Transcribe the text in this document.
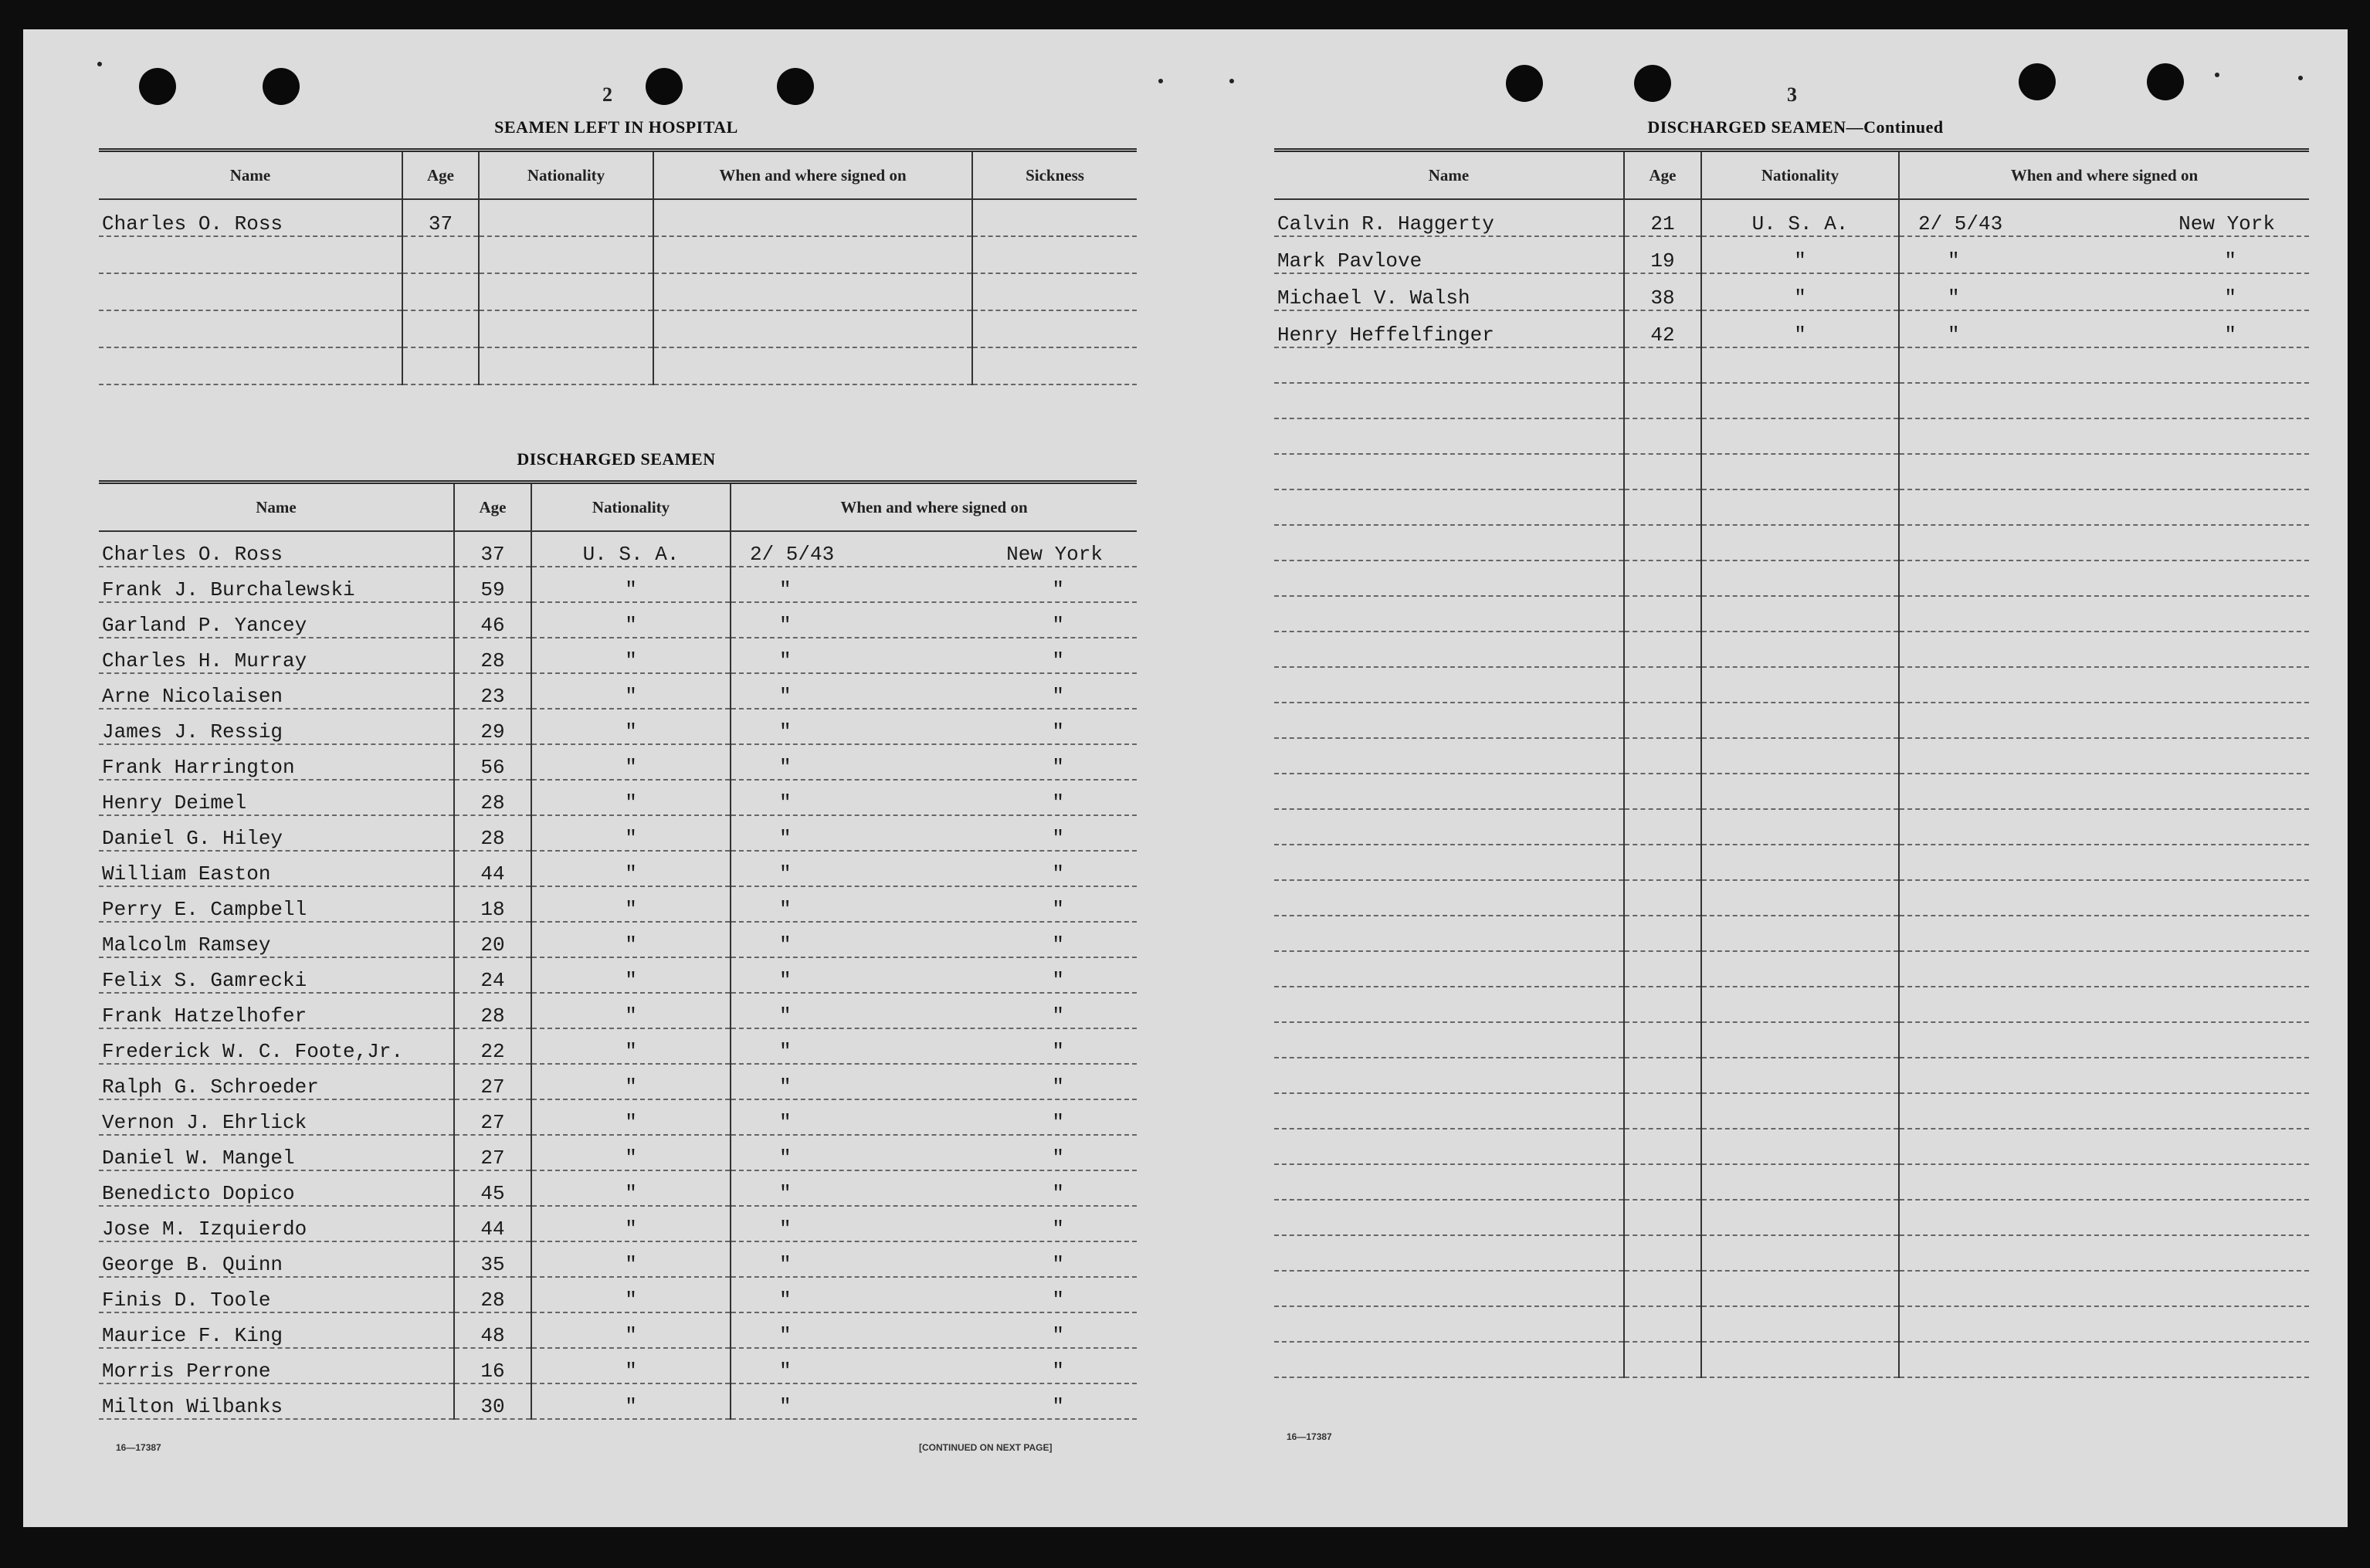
2
SEAMEN LEFT IN HOSPITAL
Name	Age	Nationality	When and where signed on	Sickness
Charles O. Ross	37			

DISCHARGED SEAMEN
Name	Age	Nationality	When and where signed on
Charles O. Ross	37	U. S. A.	2/ 5/43 New York

Frank J. Burchalewski	59	"	" "

Garland P. Yancey	46	"	" "

Charles H. Murray	28	"	" "

Arne Nicolaisen	23	"	" "

James J. Ressig	29	"	" "

Frank Harrington	56	"	" "

Henry Deimel	28	"	" "

Daniel G. Hiley	28	"	" "

William Easton	44	"	" "

Perry E. Campbell	18	"	" "

Malcolm Ramsey	20	"	" "

Felix S. Gamrecki	24	"	" "

Frank Hatzelhofer	28	"	" "

Frederick W. C. Foote,Jr.	22	"	" "

Ralph G. Schroeder	27	"	" "

Vernon J. Ehrlick	27	"	" "

Daniel W. Mangel	27	"	" "

Benedicto Dopico	45	"	" "

Jose M. Izquierdo	44	"	" "

George B. Quinn	35	"	" "

Finis D. Toole	28	"	" "

Maurice F. King	48	"	" "

Morris Perrone	16	"	" "

Milton Wilbanks	30	"	" "
16—17387	[CONTINUED ON NEXT PAGE]
3
DISCHARGED SEAMEN—Continued
Name	Age	Nationality	When and where signed on
Calvin R. Haggerty	21	U. S. A.	2/ 5/43 New York

Mark Pavlove	19	"	" "

Michael V. Walsh	38	"	" "

Henry Heffelfinger	42	"	" "

16—17387
